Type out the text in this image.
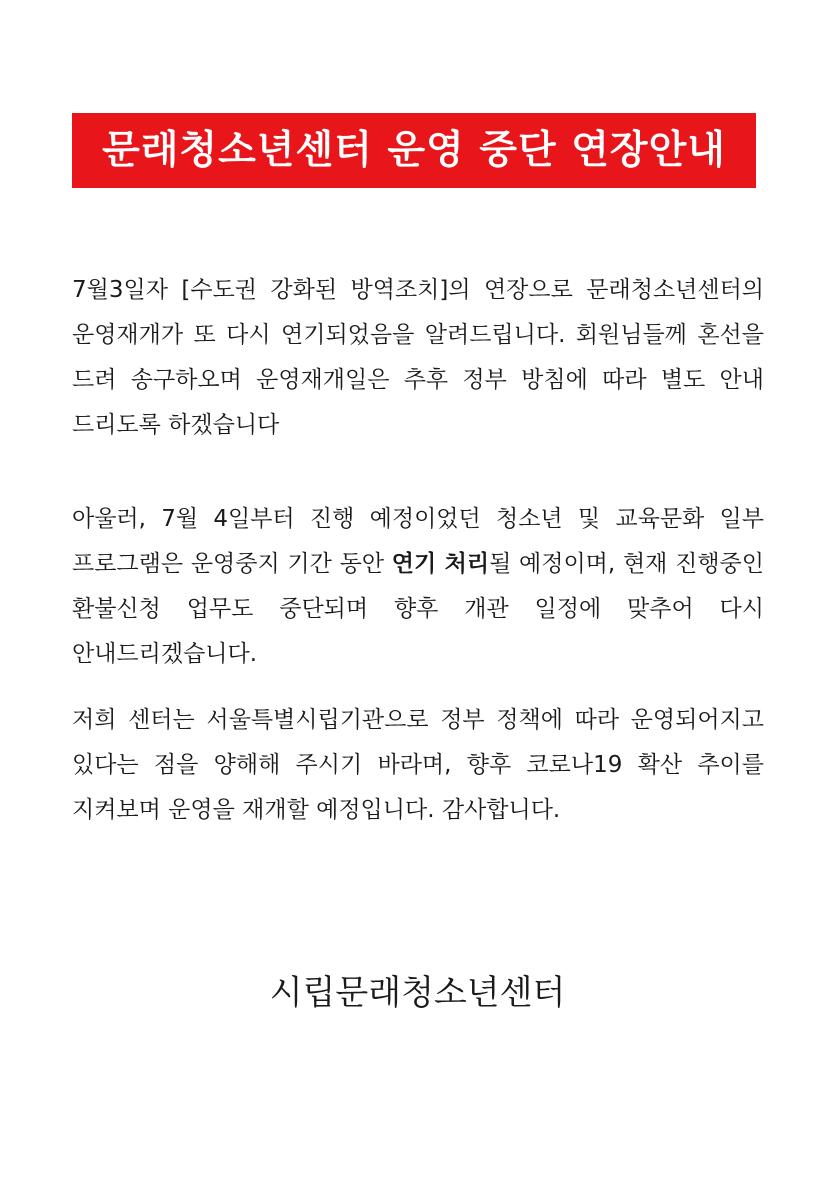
문래청소년센터 운영 중단 연장안내
7월3일자 [수도권 강화된 방역조치]의 연장으로 문래청소년센터의 운영재개가 또 다시 연기되었음을 알려드립니다. 회원님들께 혼선을 드려 송구하오며 운영재개일은 추후 정부 방침에 따라 별도 안내 드리도록 하겠습니다
아울러, 7월 4일부터 진행 예정이었던 청소년 및 교육문화 일부 프로그램은 운영중지 기간 동안 연기 처리될 예정이며, 현재 진행중인 환불신청 업무도 중단되며 향후 개관 일정에 맞추어 다시 안내드리겠습니다.
저희 센터는 서울특별시립기관으로 정부 정책에 따라 운영되어지고 있다는 점을 양해해 주시기 바라며, 향후 코로나19 확산 추이를 지켜보며 운영을 재개할 예정입니다. 감사합니다.
시립문래청소년센터
